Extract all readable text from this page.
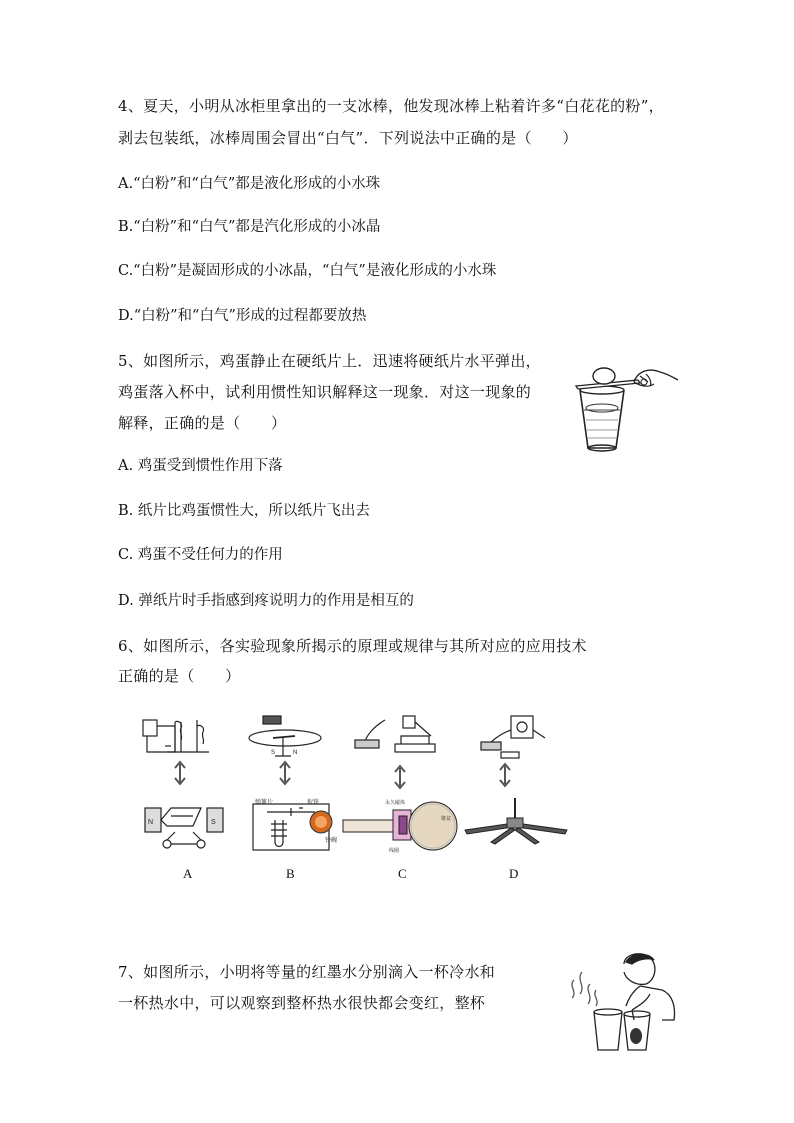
4、夏天，小明从冰柜里拿出的一支冰棒，他发现冰棒上粘着许多“白花花的粉”，
剥去包装纸，冰棒周围会冒出“白气”．下列说法中正确的是（　　）
A.“白粉”和“白气”都是液化形成的小水珠
B.“白粉”和“白气”都是汽化形成的小冰晶
C.“白粉”是凝固形成的小冰晶，“白气”是液化形成的小水珠
D.“白粉”和“白气”形成的过程都要放热
5、如图所示，鸡蛋静止在硬纸片上．迅速将硬纸片水平弹出，
鸡蛋落入杯中，试利用惯性知识解释这一现象．对这一现象的
解释，正确的是（　　）
A. 鸡蛋受到惯性作用下落
B. 纸片比鸡蛋惯性大，所以纸片飞出去
C. 鸡蛋不受任何力的作用
D. 弹纸片时手指感到疼说明力的作用是相互的
6、如图所示，各实验现象所揭示的原理或规律与其所对应的应用技术
正确的是（　　）
N	S
S	N
弹簧片	衔铁
铃碗
永久磁体
线圈
锥盆
A	B	C	D
7、如图所示，小明将等量的红墨水分别滴入一杯冷水和
一杯热水中，可以观察到整杯热水很快都会变红，整杯
